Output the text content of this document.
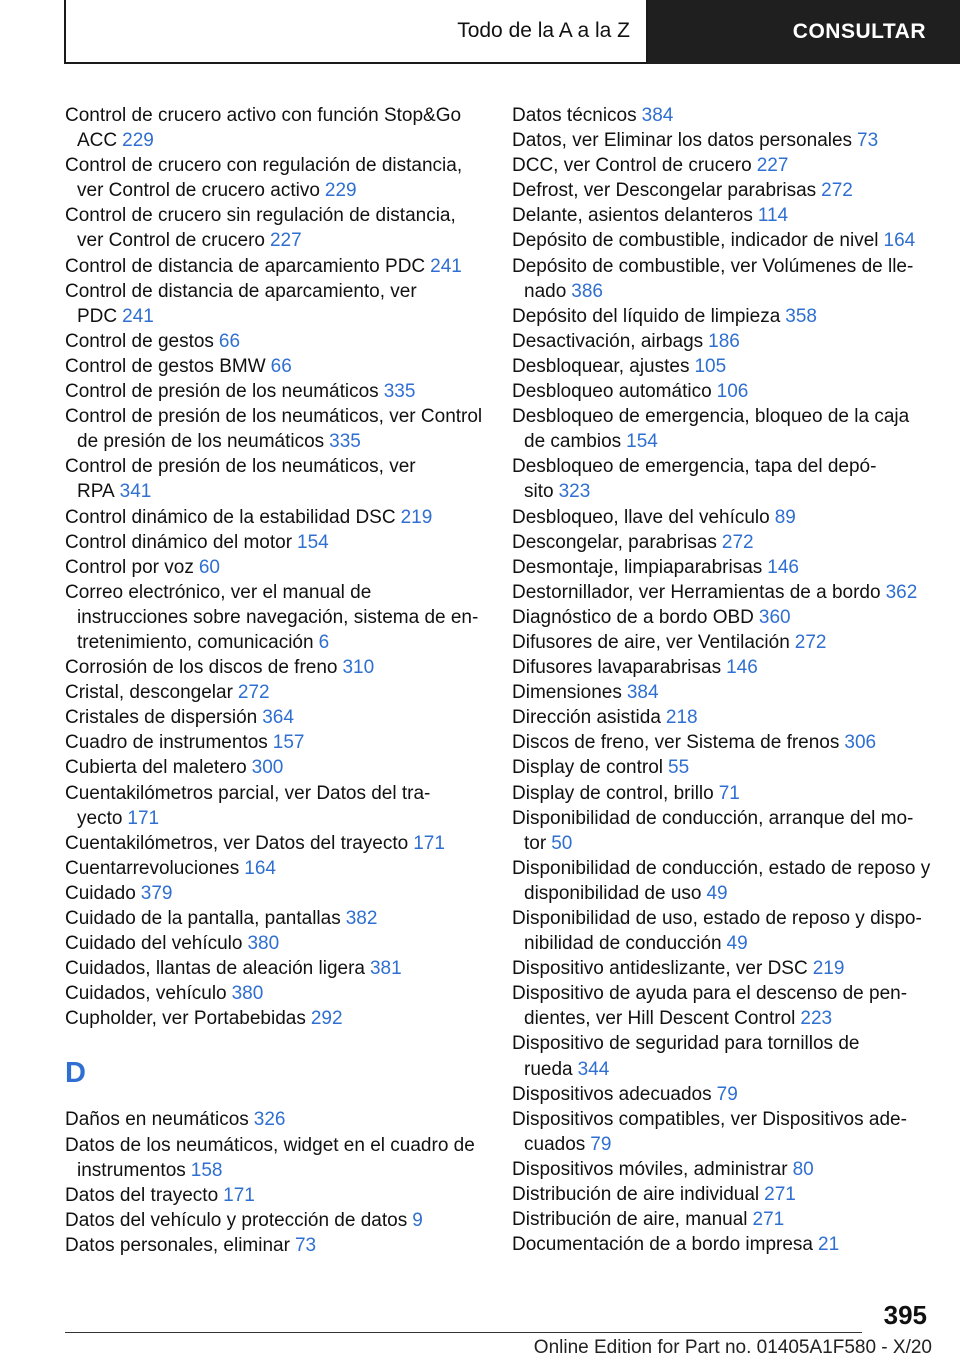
Todo de la A a la Z	CONSULTAR

Control de crucero activo con función Stop&Go ACC 229

Control de crucero con regulación de distancia, ver Control de crucero activo 229

Control de crucero sin regulación de distancia, ver Control de crucero 227

Control de distancia de aparcamiento PDC 241

Control de distancia de aparcamiento, ver PDC 241

Control de gestos 66

Control de gestos BMW 66

Control de presión de los neumáticos 335

Control de presión de los neumáticos, ver Control de presión de los neumáticos 335

Control de presión de los neumáticos, ver RPA 341

Control dinámico de la estabilidad DSC 219

Control dinámico del motor 154

Control por voz 60

Correo electrónico, ver el manual de instrucciones sobre navegación, sistema de entretenimiento, comunicación 6

Corrosión de los discos de freno 310

Cristal, descongelar 272

Cristales de dispersión 364

Cuadro de instrumentos 157

Cubierta del maletero 300

Cuentakilómetros parcial, ver Datos del trayecto 171

Cuentakilómetros, ver Datos del trayecto 171

Cuentarrevoluciones 164

Cuidado 379

Cuidado de la pantalla, pantallas 382

Cuidado del vehículo 380

Cuidados, llantas de aleación ligera 381

Cuidados, vehículo 380

Cupholder, ver Portabebidas 292

D

Daños en neumáticos 326

Datos de los neumáticos, widget en el cuadro de instrumentos 158

Datos del trayecto 171

Datos del vehículo y protección de datos 9

Datos personales, eliminar 73

Datos técnicos 384

Datos, ver Eliminar los datos personales 73

DCC, ver Control de crucero 227

Defrost, ver Descongelar parabrisas 272

Delante, asientos delanteros 114

Depósito de combustible, indicador de nivel 164

Depósito de combustible, ver Volúmenes de llenado 386

Depósito del líquido de limpieza 358

Desactivación, airbags 186

Desbloquear, ajustes 105

Desbloqueo automático 106

Desbloqueo de emergencia, bloqueo de la caja de cambios 154

Desbloqueo de emergencia, tapa del depósito 323

Desbloqueo, llave del vehículo 89

Descongelar, parabrisas 272

Desmontaje, limpiaparabrisas 146

Destornillador, ver Herramientas de a bordo 362

Diagnóstico de a bordo OBD 360

Difusores de aire, ver Ventilación 272

Difusores lavaparabrisas 146

Dimensiones 384

Dirección asistida 218

Discos de freno, ver Sistema de frenos 306

Display de control 55

Display de control, brillo 71

Disponibilidad de conducción, arranque del motor 50

Disponibilidad de conducción, estado de reposo y disponibilidad de uso 49

Disponibilidad de uso, estado de reposo y disponibilidad de conducción 49

Dispositivo antideslizante, ver DSC 219

Dispositivo de ayuda para el descenso de pendientes, ver Hill Descent Control 223

Dispositivo de seguridad para tornillos de rueda 344

Dispositivos adecuados 79

Dispositivos compatibles, ver Dispositivos adecuados 79

Dispositivos móviles, administrar 80

Distribución de aire individual 271

Distribución de aire, manual 271

Documentación de a bordo impresa 21

395
Online Edition for Part no. 01405A1F580 - X/20
